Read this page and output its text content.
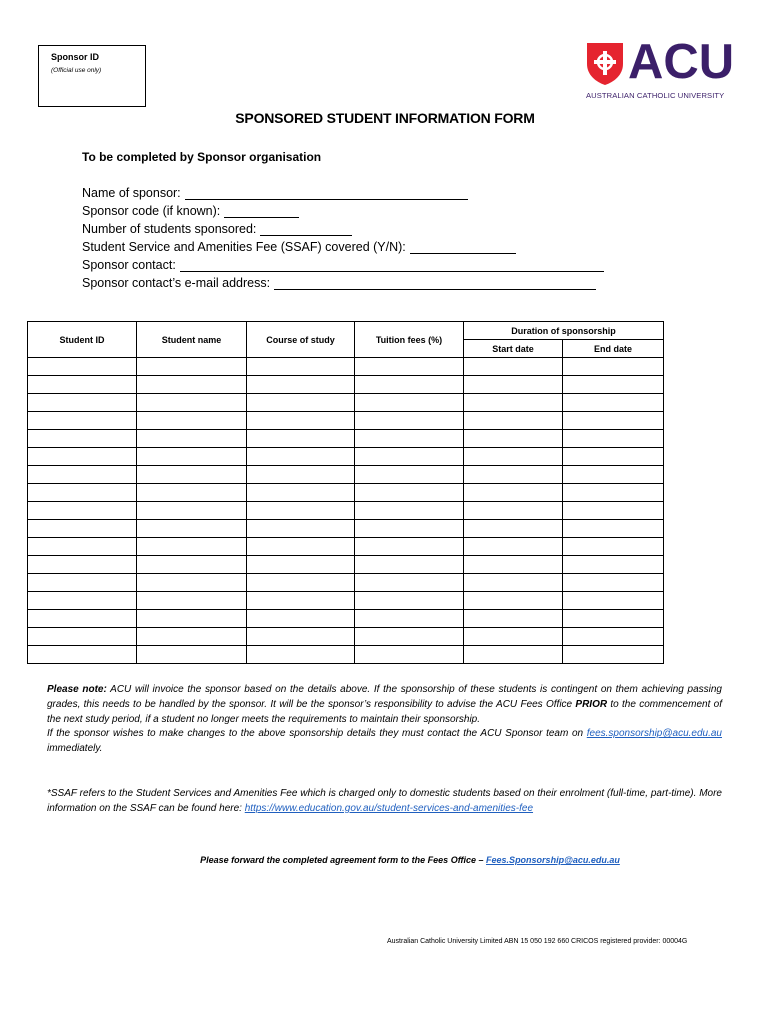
Sponsor ID
(Official use only)	ACU
AUSTRALIAN CATHOLIC UNIVERSITY
SPONSORED STUDENT INFORMATION FORM
To be completed by Sponsor organisation
Name of sponsor:
Sponsor code (if known):
Number of students sponsored:
Student Service and Amenities Fee (SSAF) covered (Y/N):
Sponsor contact:
Sponsor contact’s e-mail address:
Student ID	Student name	Course of study	Tuition fees (%)	Duration of sponsorship	
				Start date	End date

Please note: ACU will invoice the sponsor based on the details above. If the sponsorship of these students is contingent on them achieving passing grades, this needs to be handled by the sponsor. It will be the sponsor’s responsibility to advise the ACU Fees Office PRIOR to the commencement of the next study period, if a student no longer meets the requirements to maintain their sponsorship.
If the sponsor wishes to make changes to the above sponsorship details they must contact the ACU Sponsor team on fees.sponsorship@acu.edu.au immediately.
*SSAF refers to the Student Services and Amenities Fee which is charged only to domestic students based on their enrolment (full-time, part-time). More information on the SSAF can be found here: https://www.education.gov.au/student-services-and-amenities-fee
Please forward the completed agreement form to the Fees Office – Fees.Sponsorship@acu.edu.au
Australian Catholic University Limited ABN 15 050 192 660 CRICOS registered provider: 00004G
